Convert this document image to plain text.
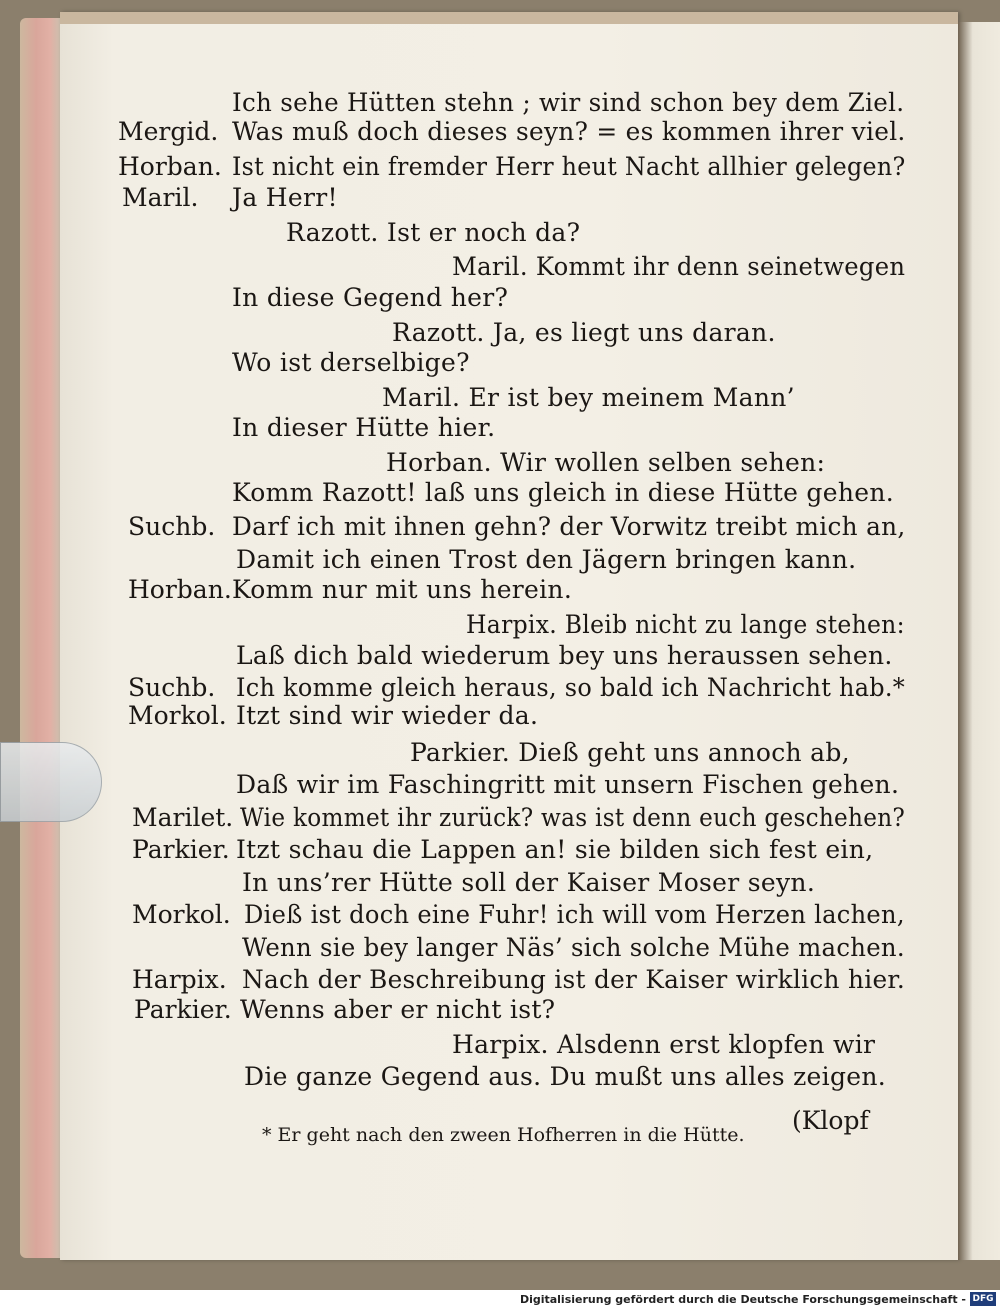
Ich sehe Hütten stehn ; wir sind schon bey dem Ziel.
Mergid. Was muß doch dieses seyn? = es kommen ihrer viel.
Horban. Ist nicht ein fremder Herr heut Nacht allhier gelegen?
Maril. Ja Herr!
Razott. Ist er noch da?
Maril. Kommt ihr denn seinetwegen
In diese Gegend her?
Razott. Ja, es liegt uns daran.
Wo ist derselbige?
Maril. Er ist bey meinem Mann’
In dieser Hütte hier.
Horban. Wir wollen selben sehen:
Komm Razott! laß uns gleich in diese Hütte gehen.
Suchb. Darf ich mit ihnen gehn? der Vorwitz treibt mich an,
Damit ich einen Trost den Jägern bringen kann.
Horban. Komm nur mit uns herein.
Harpix. Bleib nicht zu lange stehen:
Laß dich bald wiederum bey uns heraussen sehen.
Suchb. Ich komme gleich heraus, so bald ich Nachricht hab.*
Morkol. Itzt sind wir wieder da.
Parkier. Dieß geht uns annoch ab,
Daß wir im Faschingritt mit unsern Fischen gehen.
Marilet. Wie kommet ihr zurück? was ist denn euch geschehen?
Parkier. Itzt schau die Lappen an! sie bilden sich fest ein,
In uns’rer Hütte soll der Kaiser Moser seyn.
Morkol. Dieß ist doch eine Fuhr! ich will vom Herzen lachen,
Wenn sie bey langer Näs’ sich solche Mühe machen.
Harpix. Nach der Beschreibung ist der Kaiser wirklich hier.
Parkier. Wenns aber er nicht ist?
Harpix. Alsdenn erst klopfen wir
Die ganze Gegend aus. Du mußt uns alles zeigen.
(Klopf
* Er geht nach den zween Hofherren in die Hütte.
Digitalisierung gefördert durch die Deutsche Forschungsgemeinschaft - DFG
